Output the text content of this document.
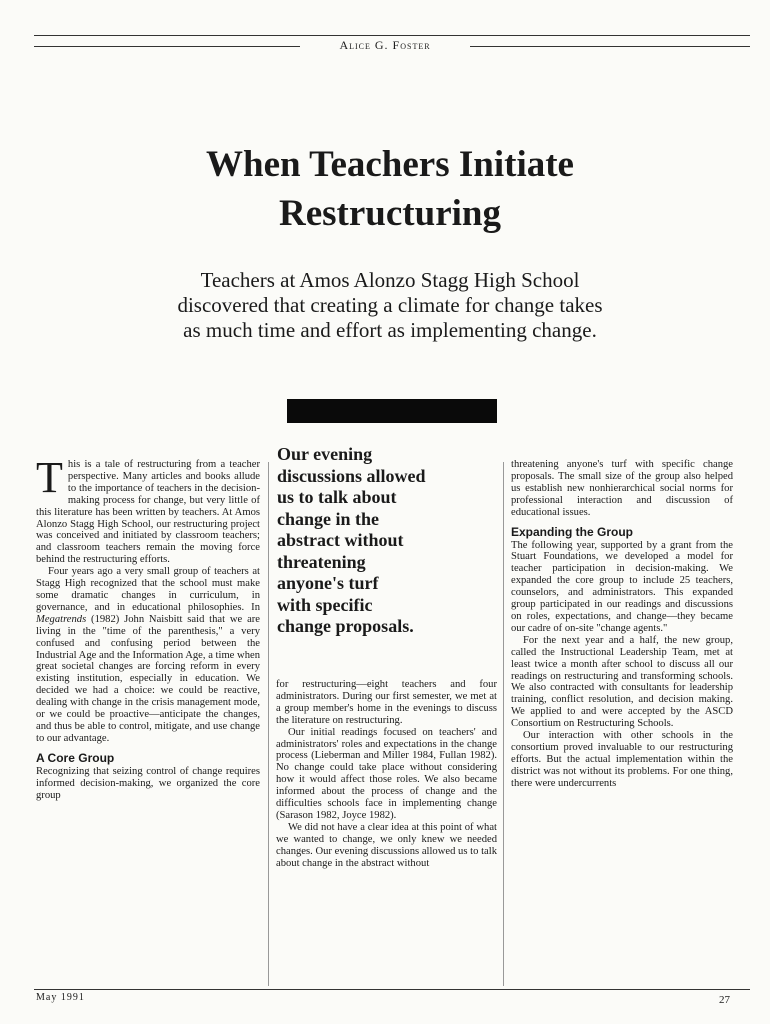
Alice G. Foster
When Teachers Initiate
Restructuring

Teachers at Amos Alonzo Stagg High School
discovered that creating a climate for change takes
as much time and effort as implementing change.

This is a tale of restructuring from a teacher perspective. Many articles and books allude to the importance of teachers in the decision-making process for change, but very little of this literature has been written by teachers. At Amos Alonzo Stagg High School, our restructuring project was conceived and initiated by classroom teachers; and classroom teachers remain the moving force behind the restructuring efforts.

Four years ago a very small group of teachers at Stagg High recognized that the school must make some dramatic changes in curriculum, in governance, and in educational philosophies. In Megatrends (1982) John Naisbitt said that we are living in the "time of the parenthesis," a very confused and confusing period between the Industrial Age and the Information Age, a time when great societal changes are forcing reform in every existing institution, especially in education. We decided we had a choice: we could be reactive, dealing with change in the crisis management mode, or we could be proactive—anticipate the changes, and thus be able to control, mitigate, and use change to our advantage.

A Core Group

Recognizing that seizing control of change requires informed decision-making, we organized the core group

Our evening
discussions allowed
us to talk about
change in the
abstract without
threatening
anyone's turf
with specific
change proposals.

for restructuring—eight teachers and four administrators. During our first semester, we met at a group member's home in the evenings to discuss the literature on restructuring.

Our initial readings focused on teachers' and administrators' roles and expectations in the change process (Lieberman and Miller 1984, Fullan 1982). No change could take place without considering how it would affect those roles. We also became informed about the process of change and the difficulties schools face in implementing change (Sarason 1982, Joyce 1982).

We did not have a clear idea at this point of what we wanted to change, we only knew we needed changes. Our evening discussions allowed us to talk about change in the abstract without

threatening anyone's turf with specific change proposals. The small size of the group also helped us establish new nonhierarchical social norms for professional interaction and discussion of educational issues.

Expanding the Group

The following year, supported by a grant from the Stuart Foundations, we developed a model for teacher participation in decision-making. We expanded the core group to include 25 teachers, counselors, and administrators. This expanded group participated in our readings and discussions on roles, expectations, and change—they became our cadre of on-site "change agents."

For the next year and a half, the new group, called the Instructional Leadership Team, met at least twice a month after school to discuss all our readings on restructuring and transforming schools. We also contracted with consultants for leadership training, conflict resolution, and decision making. We applied to and were accepted by the ASCD Consortium on Restructuring Schools.

Our interaction with other schools in the consortium proved invaluable to our restructuring efforts. But the actual implementation within the district was not without its problems. For one thing, there were undercurrents

May 1991	27
